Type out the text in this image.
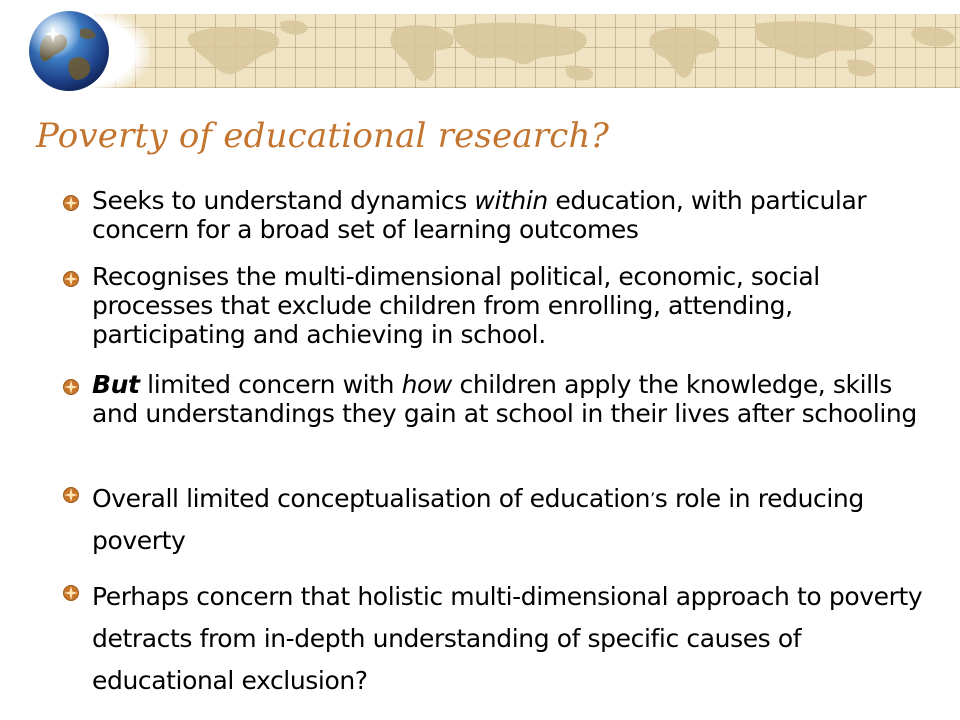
Poverty of educational research?
Seeks to understand dynamics within education, with particular concern for a broad set of learning outcomes
Recognises the multi-dimensional political, economic, social processes that exclude children from enrolling, attending, participating and achieving in school.
But limited concern with how children apply the knowledge, skills and understandings they gain at school in their lives after schooling
Overall limited conceptualisation of education’s role in reducing poverty
Perhaps concern that holistic multi-dimensional approach to poverty detracts from in-depth understanding of specific causes of educational exclusion?
